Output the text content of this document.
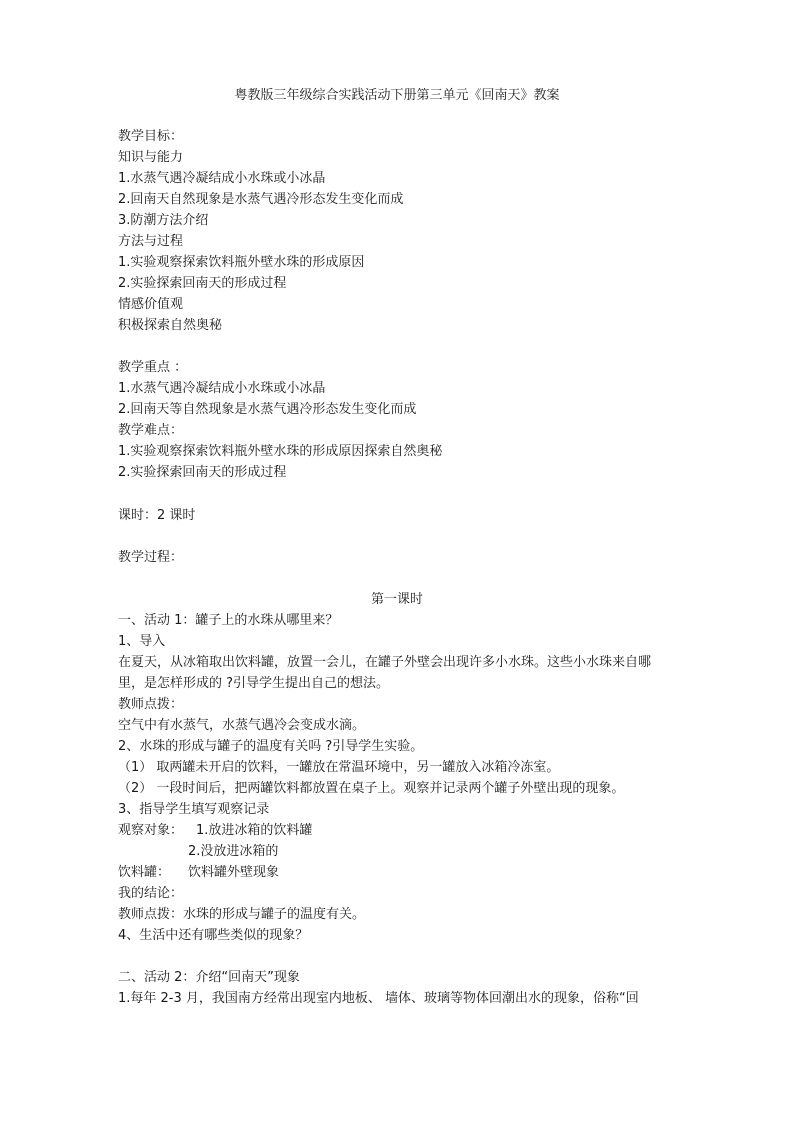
粤教版三年级综合实践活动下册第三单元《回南天》教案

教学目标：

知识与能力

1.水蒸气遇冷凝结成小水珠或小冰晶

2.回南天自然现象是水蒸气遇冷形态发生变化而成

3.防潮方法介绍

方法与过程

1.实验观察探索饮料瓶外壁水珠的形成原因

2.实验探索回南天的形成过程

情感价值观

积极探索自然奥秘

教学重点 ：

1.水蒸气遇冷凝结成小水珠或小冰晶

2.回南天等自然现象是水蒸气遇冷形态发生变化而成

教学难点：

1.实验观察探索饮料瓶外壁水珠的形成原因探索自然奥秘

2.实验探索回南天的形成过程

课时：2 课时

教学过程：

第一课时

一、活动 1：罐子上的水珠从哪里来？

1、导入

在夏天，从冰箱取出饮料罐，放置一会儿，在罐子外壁会出现许多小水珠。这些小水珠来自哪

里，是怎样形成的 ?引导学生提出自己的想法。

教师点拨：

空气中有水蒸气，水蒸气遇冷会变成水滴。

2、水珠的形成与罐子的温度有关吗 ?引导学生实验。

（1） 取两罐未开启的饮料，一罐放在常温环境中，另一罐放入冰箱冷冻室。

（2） 一段时间后，把两罐饮料都放置在桌子上。观察并记录两个罐子外壁出现的现象。

3、指导学生填写观察记录

观察对象： 1.放进冰箱的饮料罐

2.没放进冰箱的

饮料罐： 饮料罐外壁现象

我的结论：

教师点拨：水珠的形成与罐子的温度有关。

4、生活中还有哪些类似的现象？

二、活动 2：介绍“回南天”现象

1.每年 2-3 月，我国南方经常出现室内地板、 墙体、玻璃等物体回潮出水的现象，俗称“回
